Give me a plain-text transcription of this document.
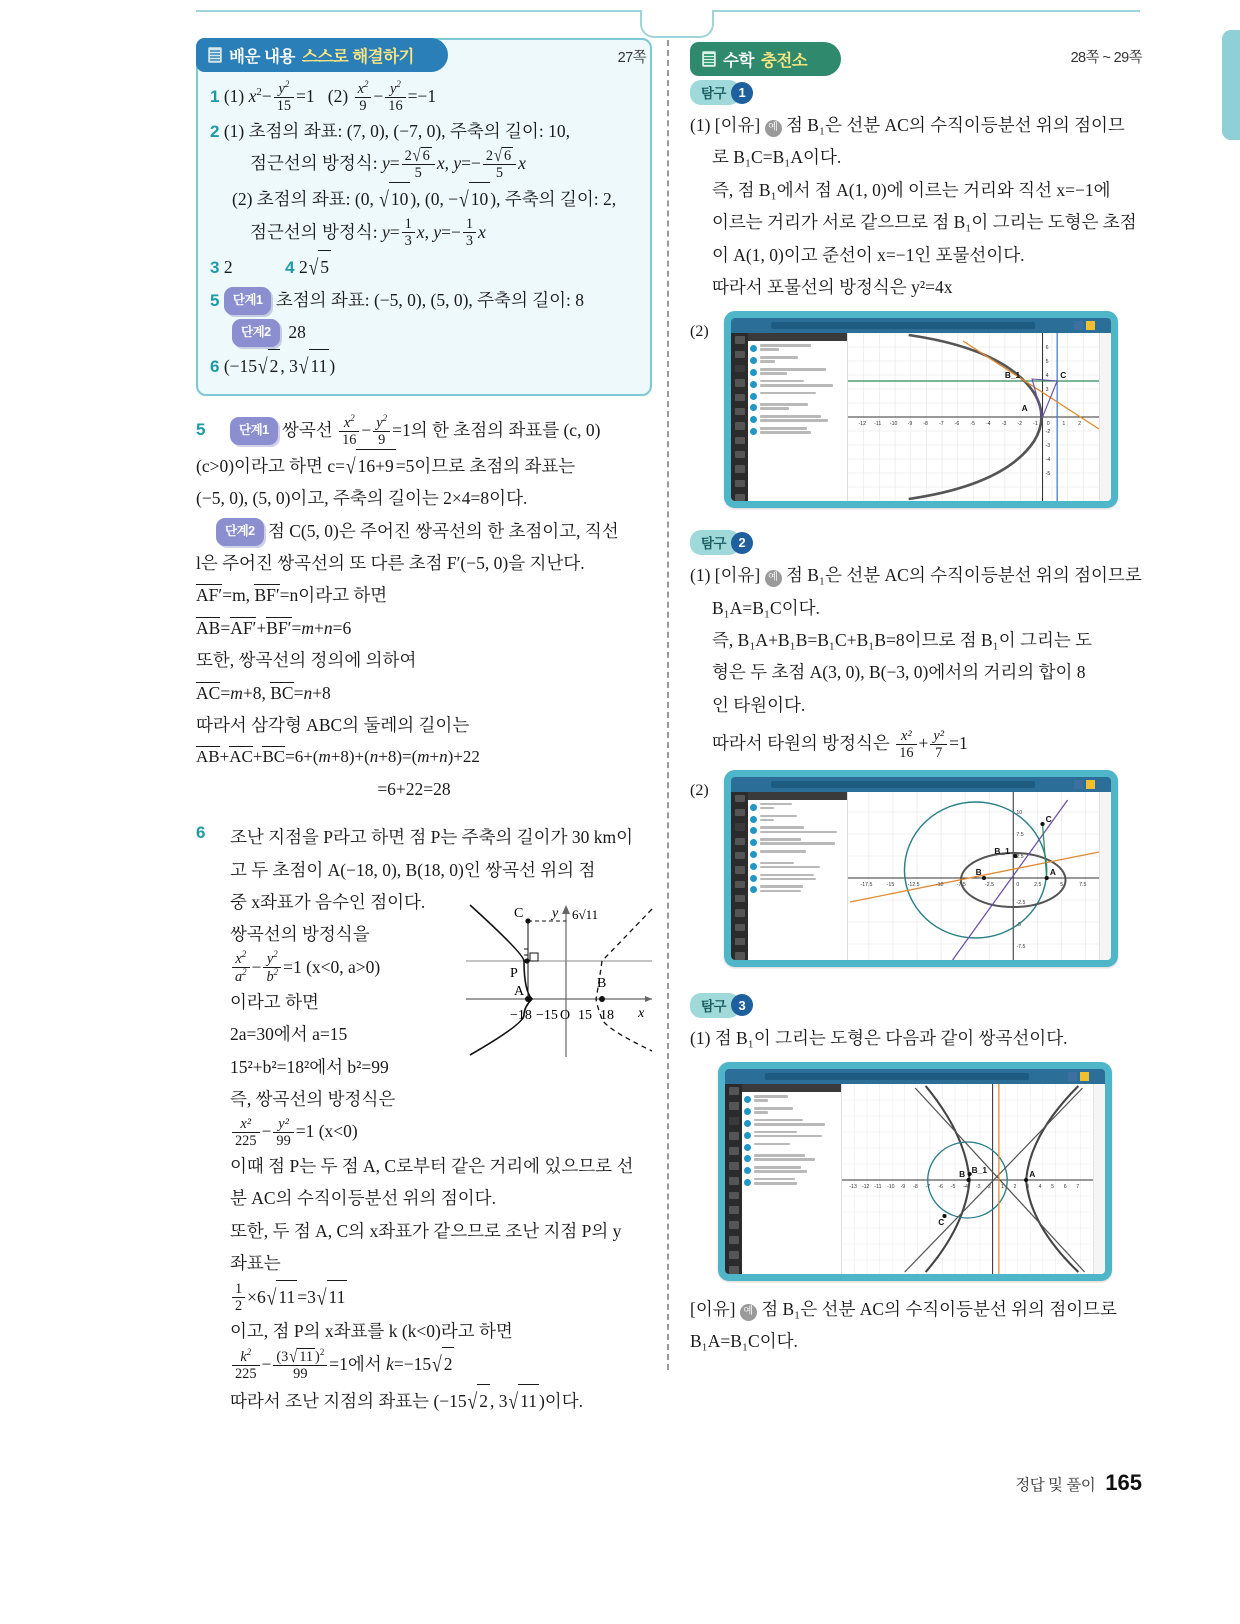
배운 내용 스스로 해결하기	27쪽
1 (1) $x^2- \frac{y^2}{15} =1$   $(2) \frac{x^2}{9} - \frac{y^2}{16} =-1$
2 (1) 초점의 좌표: (7, 0), (−7, 0), 주축의 길이: 10,
점근선의 방정식: $y= \frac{2√ 6}{5} x$, $y=- \frac{2√ 6}{5}$ x
(2) 초점의 좌표: (0, √ 10 ), (0, −√ 10 ), 주축의 길이: 2,
점근선의 방정식: $y= \frac{1}{3} x$, $y=- \frac{1}{3}$ x
3 2	4 2√ 5
5 단계1 초점의 좌표: (−5, 0), (5, 0), 주축의 길이: 8
단계2 28
6 (−15√ 2 , 3√ 11 )
5	단계1 쌍곡선 $\frac{x^2}{16} - \frac{y^2}{9} =1$의 한 초점의 좌표를 (c, 0)
(c>0)이라고 하면 c=√ 16+9 =5이므로 초점의 좌표는
(−5, 0), (5, 0)이고, 주축의 길이는 2×4=8이다.
단계2 점 C(5, 0)은 주어진 쌍곡선의 한 초점이고, 직선
l은 주어진 쌍곡선의 또 다른 초점 F′(−5, 0)을 지난다.
AF′=m, BF′=n이라고 하면
AB=AF′+BF′=m+n=6
또한, 쌍곡선의 정의에 의하여
AC=m+8, BC=n+8
따라서 삼각형 ABC의 둘레의 길이는
AB+AC+BC=6+(m+8)+(n+8)=(m+n)+22
=6+22=28
6 조난 지점을 P라고 하면 점 P는 주축의 길이가 30 km이
고 두 초점이 A(−18, 0), B(18, 0)인 쌍곡선 위의 점
중 x좌표가 음수인 점이다.
쌍곡선의 방정식을
$\frac{x^2}{a^2} - \frac{y^2}{b^2} =1$ (x<0, a>0)
이라고 하면
2a=30에서 a=15
15²+b²=18²에서 b²=99
즉, 쌍곡선의 방정식은
$\frac{\text{x²}}{225} - \frac{\text{y²}}{99} =1$ (x<0)
이때 점 P는 두 점 A, C로부터 같은 거리에 있으므로 선
분 AC의 수직이등분선 위의 점이다.
또한, 두 점 A, C의 x좌표가 같으므로 조난 지점 P의 y
좌표는
$\frac{1}{2} \times 6√$ 11 =3√ 11
이고, 점 P의 x좌표를 k (k<0)라고 하면
$\frac{k^2}{225} - \frac{(3√ 11 )^2}{99} =1$에서 k=−15√ 2
따라서 조난 지점의 좌표는 (−15√ 2 , 3√ 11 )이다.
C	6√11
P
A
B
−18 −15 O 15 18 x
y
수학 충전소	28쪽 ~ 29쪽
탐구 1
(1) [이유] 예 점 B₁은 선분 AC의 수직이등분선 위의 점이므
로 B₁C=B₁A이다.
즉, 점 B₁에서 점 A(1, 0)에 이르는 거리와 직선 x=−1에
이르는 거리가 서로 같으므로 점 B₁이 그리는 도형은 초점
이 A(1, 0)이고 준선이 x=−1인 포물선이다.
따라서 포물선의 방정식은 y²=4x
(2)
B_1	C
A
-12 -11 -10 -9 -8 -7 -6 -5 -4 -3 -2 -1 0	1	2
6
5
4
3
-2
-3
-4
-5
탐구 2
(1) [이유] 예 점 B₁은 선분 AC의 수직이등분선 위의 점이므로
B₁A=B₁C이다.
즉, B₁A+B₁B=B₁C+B₁B=8이므로 점 B₁이 그리는 도
형은 두 초점 A(3, 0), B(−3, 0)에서의 거리의 합이 8
인 타원이다.
따라서 타원의 방정식은 $\frac{\text{x²}}{16} + \frac{\text{y²}}{7} =1$
(2)
C
B_1
B	A
-17.5	-15	-12.5	-10	-7.5	-2.5	0	2.5	5	7.5
10
7.5
2.5
-2.5
-5
-7.5
탐구 3
(1) 점 B₁이 그리는 도형은 다음과 같이 쌍곡선이다.
B B_1	A
C
-13 -12 -11 -10 -9 -8 -7 -6 -5 -4 -3 -2 1 2 3 4 5 6 7
[이유] 예 점 B₁은 선분 AC의 수직이등분선 위의 점이므로
B₁A=B₁C이다.
정답 및 풀이 165
